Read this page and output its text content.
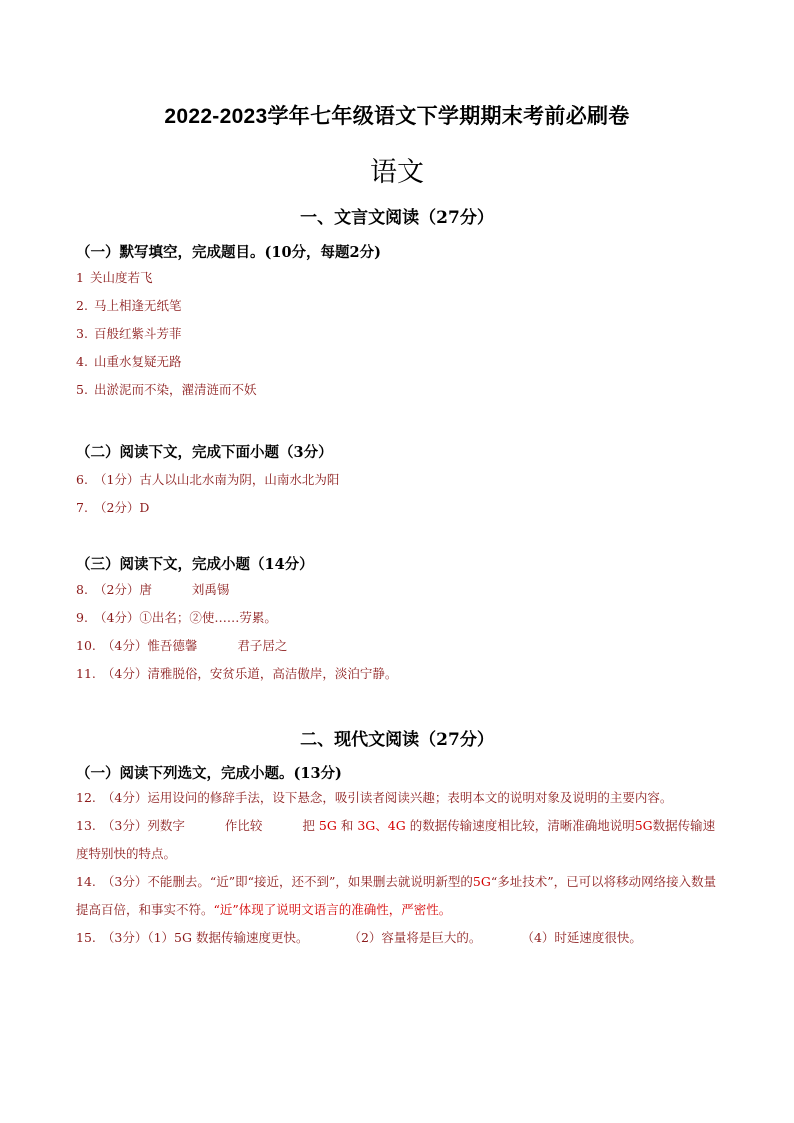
2022-2023学年七年级语文下学期期末考前必刷卷
语文
一、文言文阅读（27分）
（一）默写填空，完成题目。(10分，每题2分)
1 关山度若飞
2. 马上相逢无纸笔
3. 百般红紫斗芳菲
4. 山重水复疑无路
5. 出淤泥而不染，濯清涟而不妖
（二）阅读下文，完成下面小题（3分）
6. （1分）古人以山北水南为阴，山南水北为阳
7. （2分）D
（三）阅读下文，完成小题（14分）
8. （2分）唐	刘禹锡
9. （4分）①出名；②使……劳累。
10. （4分）惟吾德馨	君子居之
11. （4分）清雅脱俗，安贫乐道，高洁傲岸，淡泊宁静。
二、现代文阅读（27分）
（一）阅读下列选文，完成小题。(13分)
12. （4分）运用设问的修辞手法，设下悬念，吸引读者阅读兴趣；表明本文的说明对象及说明的主要内容。
13. （3分）列数字	作比较	把 5G 和 3G、4G 的数据传输速度相比较，清晰准确地说明5G数据传输速度特别快的特点。
14. （3分）不能删去。“近”即“接近，还不到”，如果删去就说明新型的5G“多址技术”，已可以将移动网络接入数量提高百倍，和事实不符。“近”体现了说明文语言的准确性，严密性。
15. （3分）（1）5G 数据传输速度更快。	（2）容量将是巨大的。	（4）时延速度很快。
